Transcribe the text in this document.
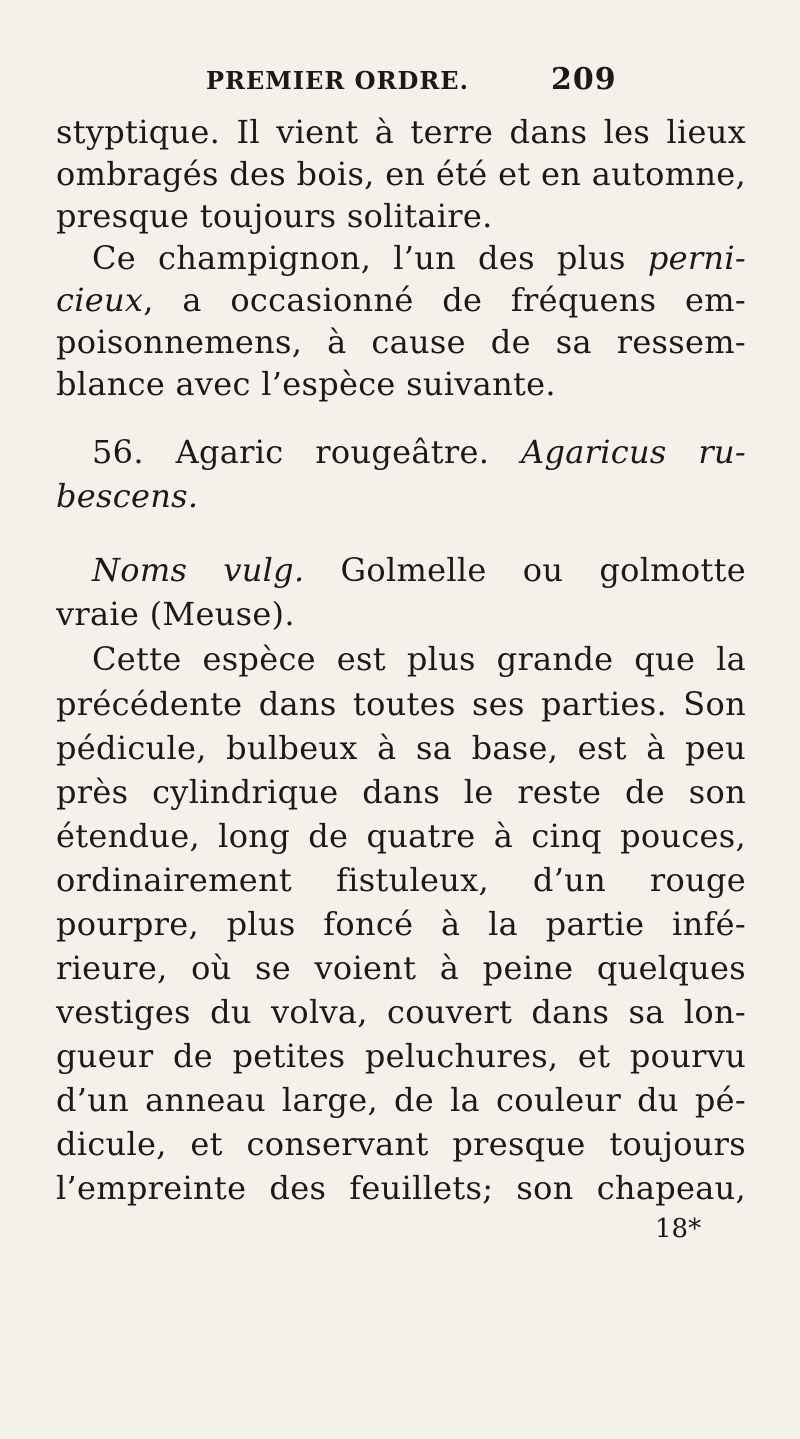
PREMIER ORDRE.	209
styptique. Il vient à terre dans les lieux
ombragés des bois, en été et en automne,
presque toujours solitaire.
Ce champignon, l’un des plus perni-
cieux, a occasionné de fréquens em-
poisonnemens, à cause de sa ressem-
blance avec l’espèce suivante.
56. Agaric rougeâtre. Agaricus ru-
bescens.
Noms vulg. Golmelle ou golmotte
vraie (Meuse).
Cette espèce est plus grande que la
précédente dans toutes ses parties. Son
pédicule, bulbeux à sa base, est à peu
près cylindrique dans le reste de son
étendue, long de quatre à cinq pouces,
ordinairement fistuleux, d’un rouge
pourpre, plus foncé à la partie infé-
rieure, où se voient à peine quelques
vestiges du volva, couvert dans sa lon-
gueur de petites peluchures, et pourvu
d’un anneau large, de la couleur du pé-
dicule, et conservant presque toujours
l’empreinte des feuillets; son chapeau,
18*
